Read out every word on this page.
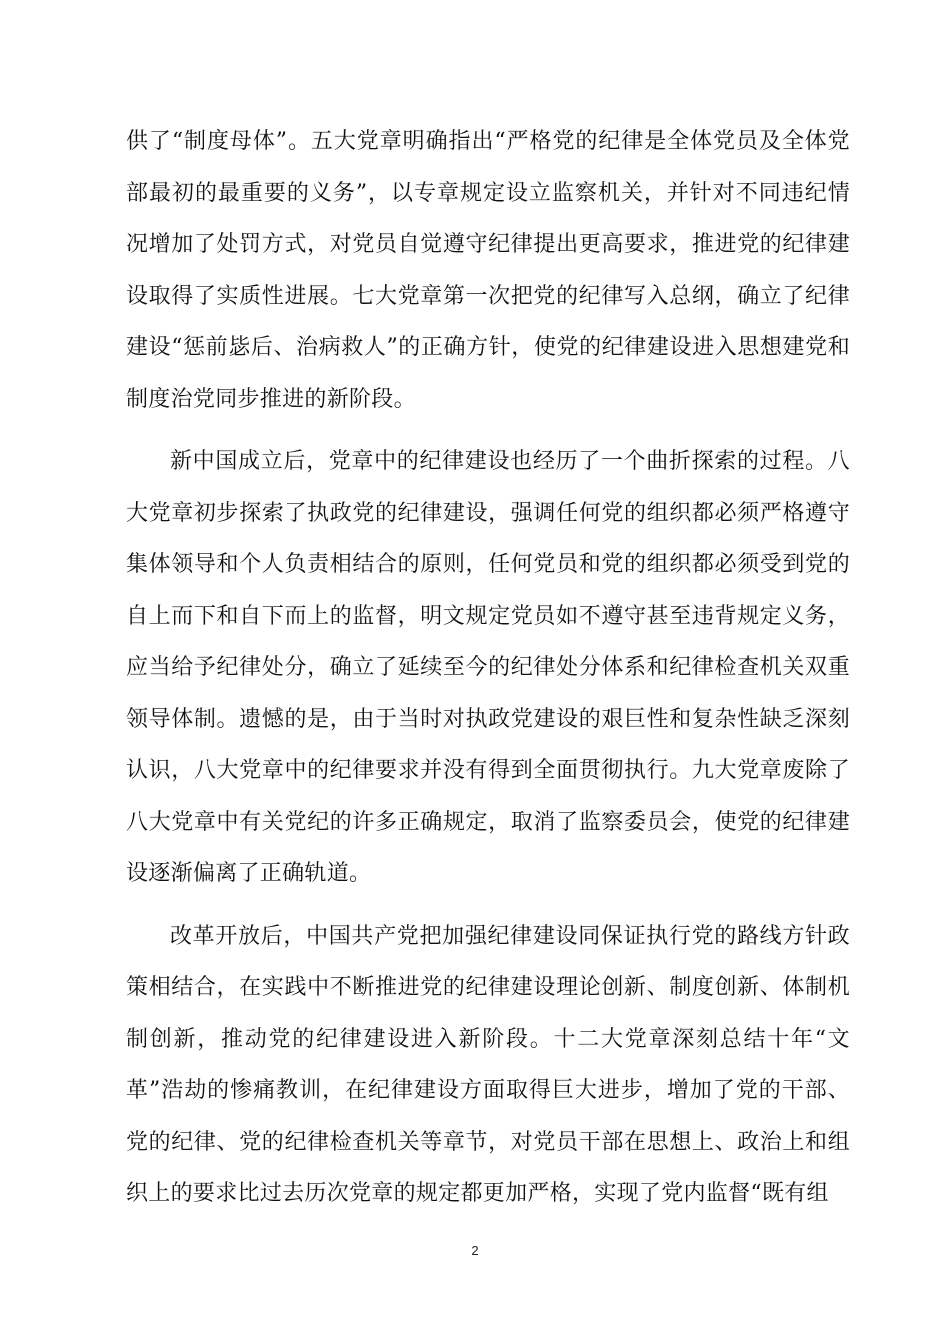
供了“制度母体”。五大党章明确指出“严格党的纪律是全体党员及全体党部最初的最重要的义务”，以专章规定设立监察机关，并针对不同违纪情况增加了处罚方式，对党员自觉遵守纪律提出更高要求，推进党的纪律建设取得了实质性进展。七大党章第一次把党的纪律写入总纲，确立了纪律建设“惩前毖后、治病救人”的正确方针，使党的纪律建设进入思想建党和制度治党同步推进的新阶段。

新中国成立后，党章中的纪律建设也经历了一个曲折探索的过程。八大党章初步探索了执政党的纪律建设，强调任何党的组织都必须严格遵守集体领导和个人负责相结合的原则，任何党员和党的组织都必须受到党的自上而下和自下而上的监督，明文规定党员如不遵守甚至违背规定义务，应当给予纪律处分，确立了延续至今的纪律处分体系和纪律检查机关双重领导体制。遗憾的是，由于当时对执政党建设的艰巨性和复杂性缺乏深刻认识，八大党章中的纪律要求并没有得到全面贯彻执行。九大党章废除了八大党章中有关党纪的许多正确规定，取消了监察委员会，使党的纪律建设逐渐偏离了正确轨道。

改革开放后，中国共产党把加强纪律建设同保证执行党的路线方针政策相结合，在实践中不断推进党的纪律建设理论创新、制度创新、体制机制创新，推动党的纪律建设进入新阶段。十二大党章深刻总结十年“文革”浩劫的惨痛教训，在纪律建设方面取得巨大进步，增加了党的干部、党的纪律、党的纪律检查机关等章节，对党员干部在思想上、政治上和组织上的要求比过去历次党章的规定都更加严格，实现了党内监督“既有组

2
